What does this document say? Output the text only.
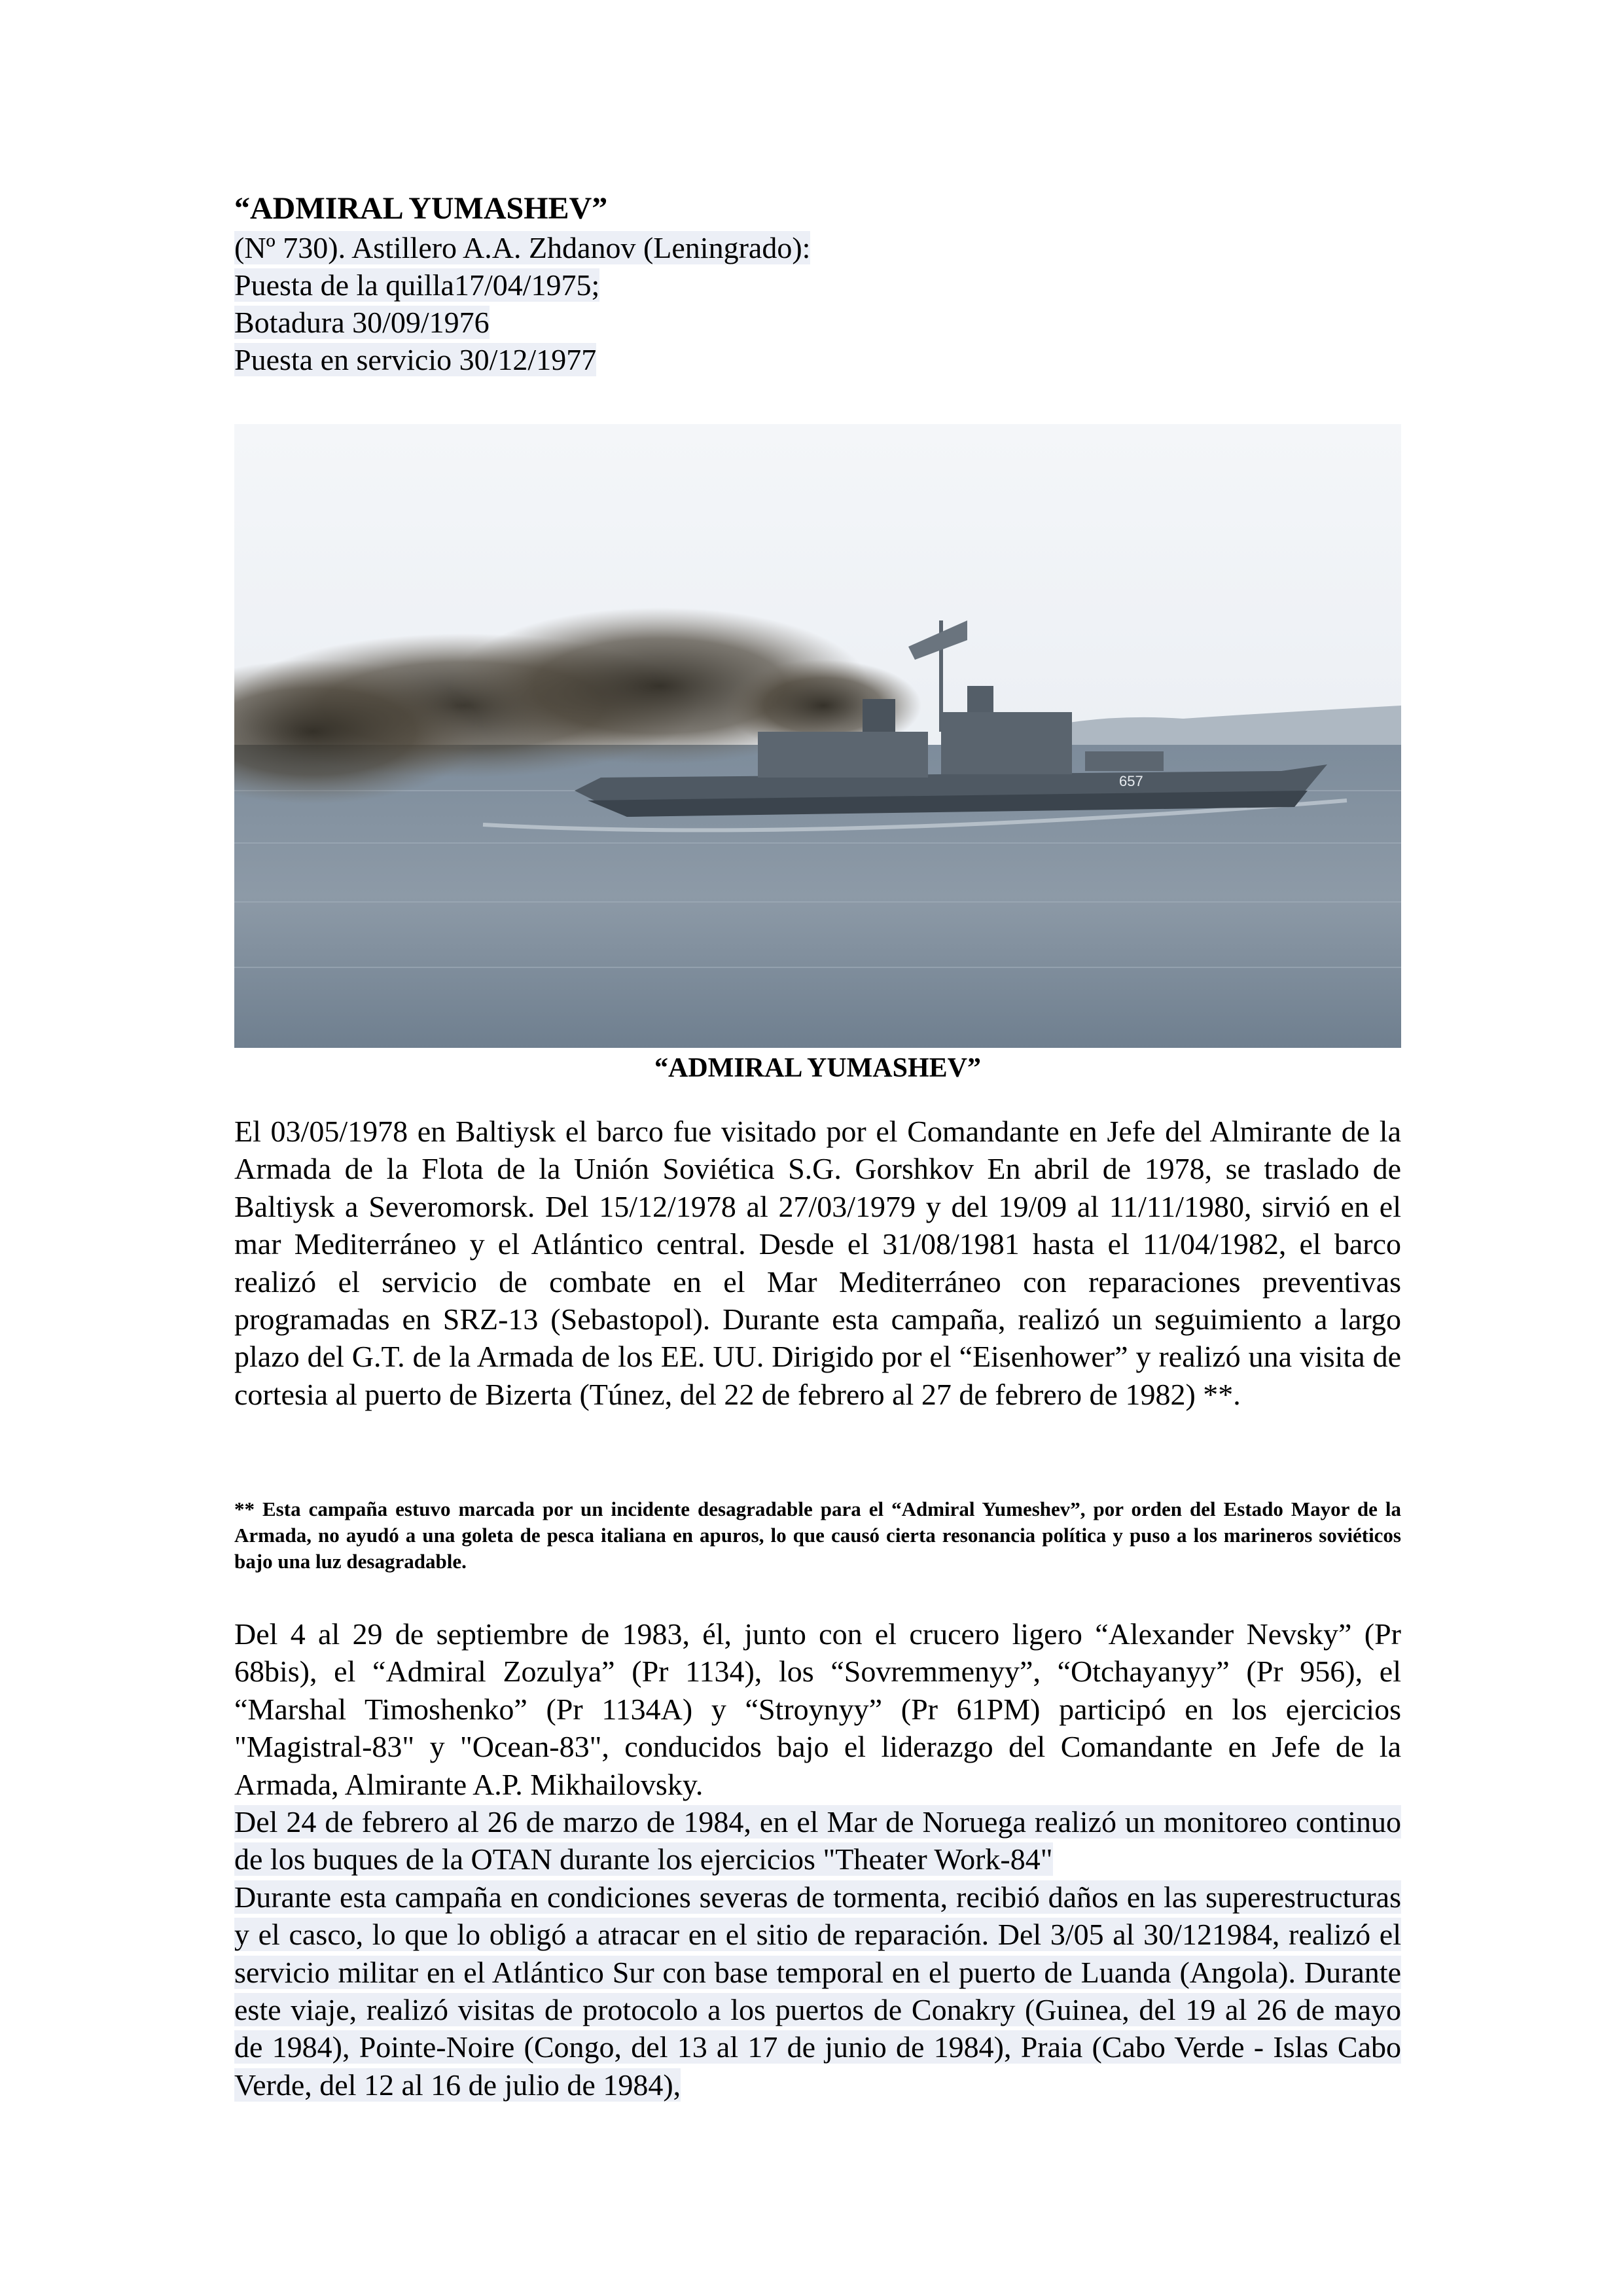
“ADMIRAL YUMASHEV”
(Nº 730). Astillero A.A. Zhdanov (Leningrado):
Puesta de la quilla17/04/1975;
Botadura 30/09/1976
Puesta en servicio 30/12/1977
657
“ADMIRAL YUMASHEV”
El 03/05/1978 en Baltiysk el barco fue visitado por el Comandante en Jefe del Almirante de la Armada de la Flota de la Unión Soviética S.G. Gorshkov En abril de 1978, se traslado de Baltiysk a Severomorsk. Del 15/12/1978 al 27/03/1979 y del 19/09 al 11/11/1980, sirvió en el mar Mediterráneo y el Atlántico central. Desde el 31/08/1981 hasta el 11/04/1982, el barco realizó el servicio de combate en el Mar Mediterráneo con reparaciones preventivas programadas en SRZ-13 (Sebastopol). Durante esta campaña, realizó un seguimiento a largo plazo del G.T. de la Armada de los EE. UU. Dirigido por el “Eisenhower” y realizó una visita de cortesia al puerto de Bizerta (Túnez, del 22 de febrero al 27 de febrero de 1982) **.
** Esta campaña estuvo marcada por un incidente desagradable para el “Admiral Yumeshev”, por orden del Estado Mayor de la Armada, no ayudó a una goleta de pesca italiana en apuros, lo que causó cierta resonancia política y puso a los marineros soviéticos bajo una luz desagradable.

Del 4 al 29 de septiembre de 1983, él, junto con el crucero ligero “Alexander Nevsky” (Pr 68bis), el “Admiral Zozulya” (Pr 1134), los “Sovremmenyy”, “Otchayanyy” (Pr 956), el “Marshal Timoshenko” (Pr 1134A) y “Stroynyy” (Pr 61PM) participó en los ejercicios "Magistral-83" y "Ocean-83", conducidos bajo el liderazgo del Comandante en Jefe de la Armada, Almirante A.P. Mikhailovsky.

Del 24 de febrero al 26 de marzo de 1984, en el Mar de Noruega realizó un monitoreo continuo de los buques de la OTAN durante los ejercicios "Theater Work-84"

Durante esta campaña en condiciones severas de tormenta, recibió daños en las superestructuras y el casco, lo que lo obligó a atracar en el sitio de reparación. Del 3/05 al 30/121984, realizó el servicio militar en el Atlántico Sur con base temporal en el puerto de Luanda (Angola). Durante este viaje, realizó visitas de protocolo a los puertos de Conakry (Guinea, del 19 al 26 de mayo de 1984), Pointe-Noire (Congo, del 13 al 17 de junio de 1984), Praia (Cabo Verde - Islas Cabo Verde, del 12 al 16 de julio de 1984),
